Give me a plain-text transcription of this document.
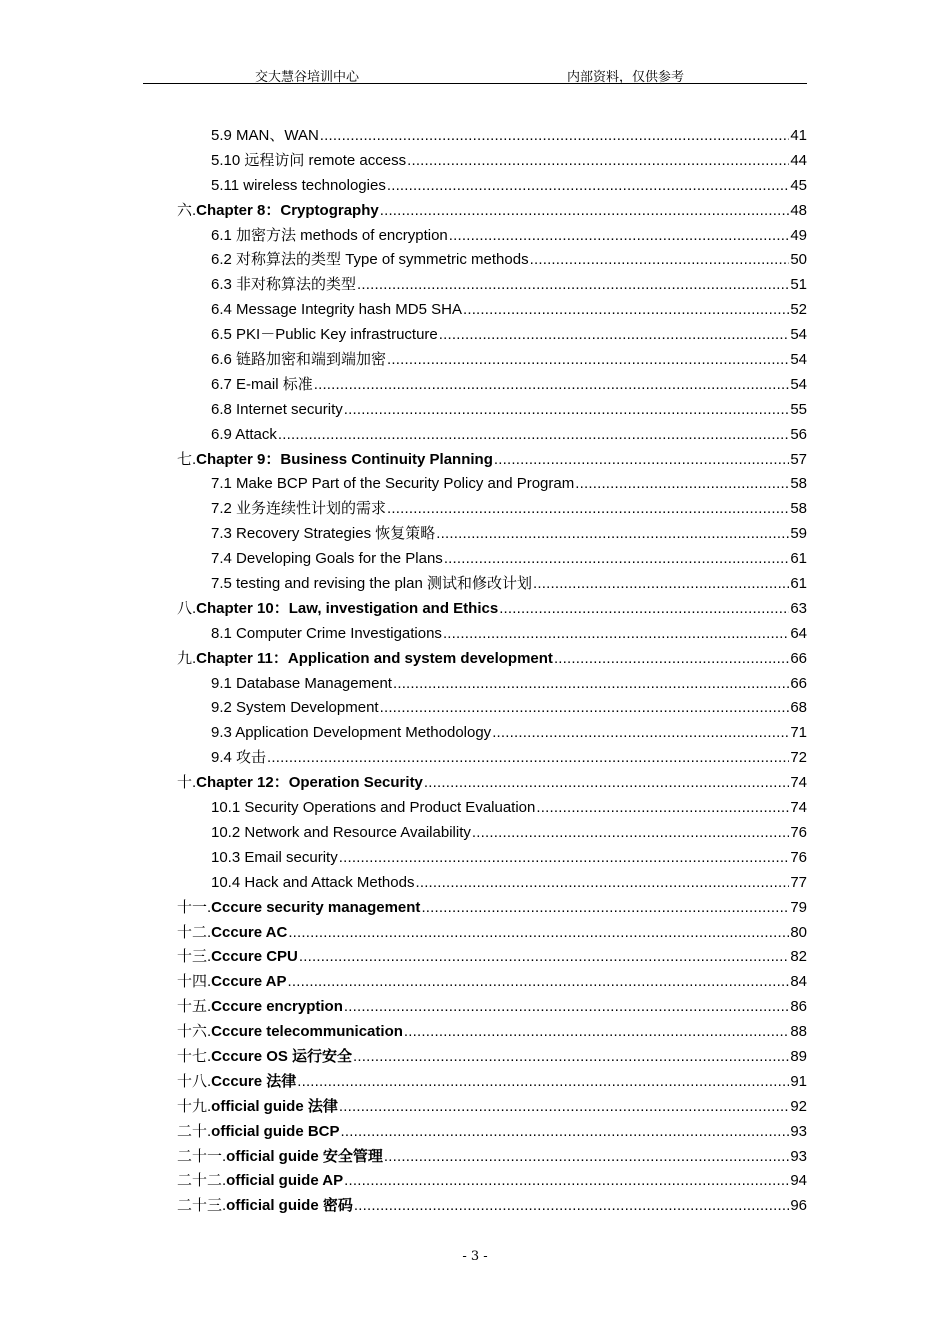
交大慧谷培训中心	内部资料，仅供参考
5.9 MAN、WAN .....	41
5.10 远程访问 remote access .....	44
5.11 wireless technologies .....	45
六.Chapter 8：Cryptography .....	48
6.1 加密方法 methods of encryption .....	49
6.2 对称算法的类型 Type of symmetric methods .....	50
6.3 非对称算法的类型 .....	51
6.4 Message Integrity hash MD5 SHA .....	52
6.5 PKI－Public Key infrastructure .....	54
6.6 链路加密和端到端加密 .....	54
6.7 E-mail 标准 .....	54
6.8 Internet security .....	55
6.9 Attack .....	56
七.Chapter 9：Business Continuity Planning .....	57
7.1 Make BCP Part of the Security Policy and Program .....	58
7.2 业务连续性计划的需求 .....	58
7.3 Recovery Strategies 恢复策略 .....	59
7.4 Developing Goals for the Plans .....	61
7.5 testing and revising the plan 测试和修改计划 .....	61
八.Chapter 10：Law, investigation and Ethics .....	63
8.1 Computer Crime Investigations .....	64
九.Chapter 11：Application and system development .....	66
9.1 Database Management .....	66
9.2 System Development .....	68
9.3 Application Development Methodology .....	71
9.4 攻击 .....	72
十.Chapter 12：Operation Security .....	74
10.1 Security Operations and Product Evaluation .....	74
10.2 Network and Resource Availability .....	76
10.3 Email security .....	76
10.4 Hack and Attack Methods .....	77
十一.Cccure security management .....	79
十二.Cccure AC .....	80
十三.Cccure CPU .....	82
十四.Cccure AP .....	84
十五.Cccure encryption .....	86
十六.Cccure telecommunication .....	88
十七.Cccure OS 运行安全 .....	89
十八.Cccure 法律 .....	91
十九.official guide 法律 .....	92
二十.official guide BCP .....	93
二十一.official guide 安全管理 .....	93
二十二.official guide AP .....	94
二十三.official guide 密码 .....	96
- 3 -
